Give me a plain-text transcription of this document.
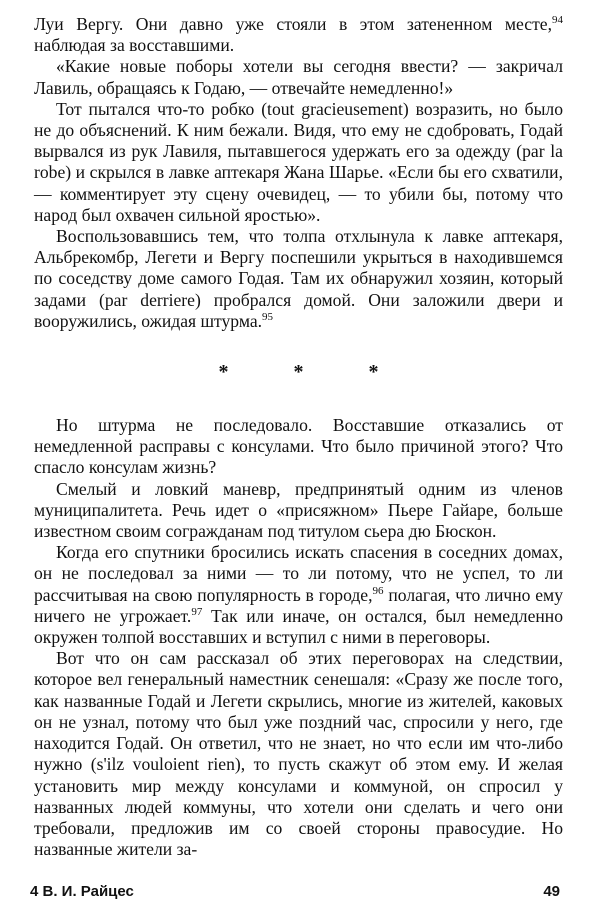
Луи Вергу. Они давно уже стояли в этом затененном месте,$^{94}$ наблюдая за восставшими.

«Какие новые поборы хотели вы сегодня ввести? — закричал Лавиль, обращаясь к Годаю, — отвечайте немедленно!»

Тот пытался что-то робко (tout gracieusement) возразить, но было не до объяснений. К ним бежали. Видя, что ему не сдобровать, Годай вырвался из рук Лавиля, пытавшегося удержать его за одежду (par la robe) и скрылся в лавке аптекаря Жана Шарье. «Если бы его схватили, — комментирует эту сцену очевидец, — то убили бы, потому что народ был охвачен сильной яростью».

Воспользовавшись тем, что толпа отхлынула к лавке аптекаря, Альбрекомбр, Легети и Вергу поспешили укрыться в находившемся по соседству доме самого Годая. Там их обнаружил хозяин, который задами (par derriere) пробрался домой. Они заложили двери и вооружились, ожидая штурма.$^{95}$

* * *

Но штурма не последовало. Восставшие отказались от немедленной расправы с консулами. Что было причиной этого? Что спасло консулам жизнь?

Смелый и ловкий маневр, предпринятый одним из членов муниципалитета. Речь идет о «присяжном» Пьере Гайаре, больше известном своим согражданам под титулом сьера дю Бюскон.

Когда его спутники бросились искать спасения в соседних домах, он не последовал за ними — то ли потому, что не успел, то ли рассчитывая на свою популярность в городе,$^{96}$ полагая, что лично ему ничего не угрожает.$^{97}$ Так или иначе, он остался, был немедленно окружен толпой восставших и вступил с ними в переговоры.

Вот что он сам рассказал об этих переговорах на следствии, которое вел генеральный наместник сенешаля: «Сразу же после того, как названные Годай и Легети скрылись, многие из жителей, каковых он не узнал, потому что был уже поздний час, спросили у него, где находится Годай. Он ответил, что не знает, но что если им что-либо нужно (s'ilz vouloient rien), то пусть скажут об этом ему. И желая установить мир между консулами и коммуной, он спросил у названных людей коммуны, что хотели они сделать и чего они требовали, предложив им со своей стороны правосудие. Но названные жители за-

4 В. И. Райцес	49
